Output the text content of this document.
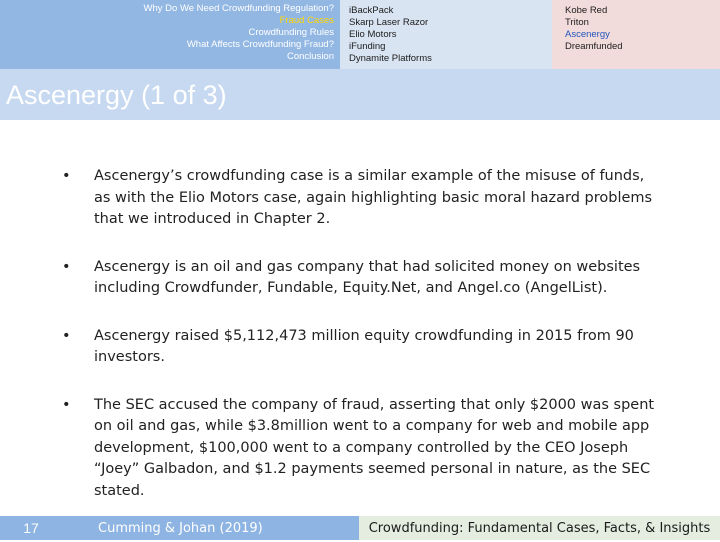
Why Do We Need Crowdfunding Regulation?
Fraud Cases
Crowdfunding Rules
What Affects Crowdfunding Fraud?
Conclusion
iBackPack
Skarp Laser Razor
Elio Motors
iFunding
Dynamite Platforms
Kobe Red
Triton
Ascenergy
Dreamfunded
Ascenergy (1 of 3)
• Ascenergy’s crowdfunding case is a similar example of the misuse of funds, as with the Elio Motors case, again highlighting basic moral hazard problems that we introduced in Chapter 2.
• Ascenergy is an oil and gas company that had solicited money on websites including Crowdfunder, Fundable, Equity.Net, and Angel.co (AngelList).
• Ascenergy raised $5,112,473 million equity crowdfunding in 2015 from 90 investors.
• The SEC accused the company of fraud, asserting that only $2000 was spent on oil and gas, while $3.8million went to a company for web and mobile app development, $100,000 went to a company controlled by the CEO Joseph “Joey” Galbadon, and $1.2 payments seemed personal in nature, as the SEC stated.
17	Cumming & Johan (2019)	Crowdfunding: Fundamental Cases, Facts, & Insights
